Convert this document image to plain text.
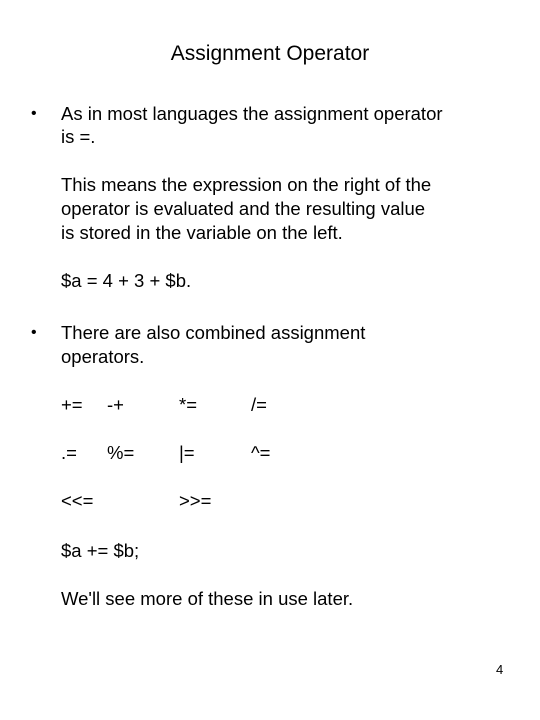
Assignment Operator
• As in most languages the assignment operator
is =.
This means the expression on the right of the
operator is evaluated and the resulting value
is stored in the variable on the left.
$a = 4 + 3 + $b.
• There are also combined assignment
operators.
+= -+	*=	/=
.= %= |=	^=
<<=	>>=
$a += $b;
We'll see more of these in use later.
4
